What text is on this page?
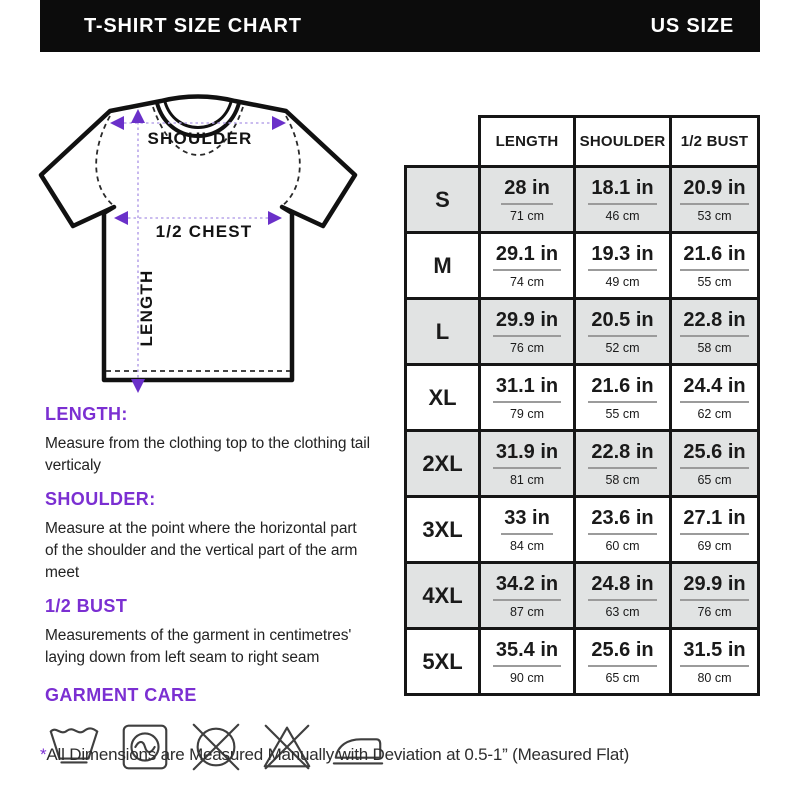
T-SHIRT SIZE CHART	US SIZE
SHOULDER
1/2 CHEST
LENGTH
	LENGTH	SHOULDER	1/2 BUST
S	28 in
71 cm
	18.1 in
46 cm
	20.9 in
53 cm

M	29.1 in
74 cm
	19.3 in
49 cm
	21.6 in
55 cm

L	29.9 in
76 cm
	20.5 in
52 cm
	22.8 in
58 cm

XL	31.1 in
79 cm
	21.6 in
55 cm
	24.4 in
62 cm

2XL	31.9 in
81 cm
	22.8 in
58 cm
	25.6 in
65 cm

3XL	33 in
84 cm
	23.6 in
60 cm
	27.1 in
69 cm

4XL	34.2 in
87 cm
	24.8 in
63 cm
	29.9 in
76 cm

5XL	35.4 in
90 cm
	25.6 in
65 cm
	31.5 in
80 cm
LENGTH:

Measure from the clothing top to the clothing tail verticaly

SHOULDER:

Measure at the point where the horizontal part of the shoulder and the vertical part of the arm meet

1/2 BUST

Measurements of the garment in centimetres' laying down from left seam to right seam

GARMENT CARE
*All Dimensions are Measured Manually with Deviation at 0.5-1” (Measured Flat)
